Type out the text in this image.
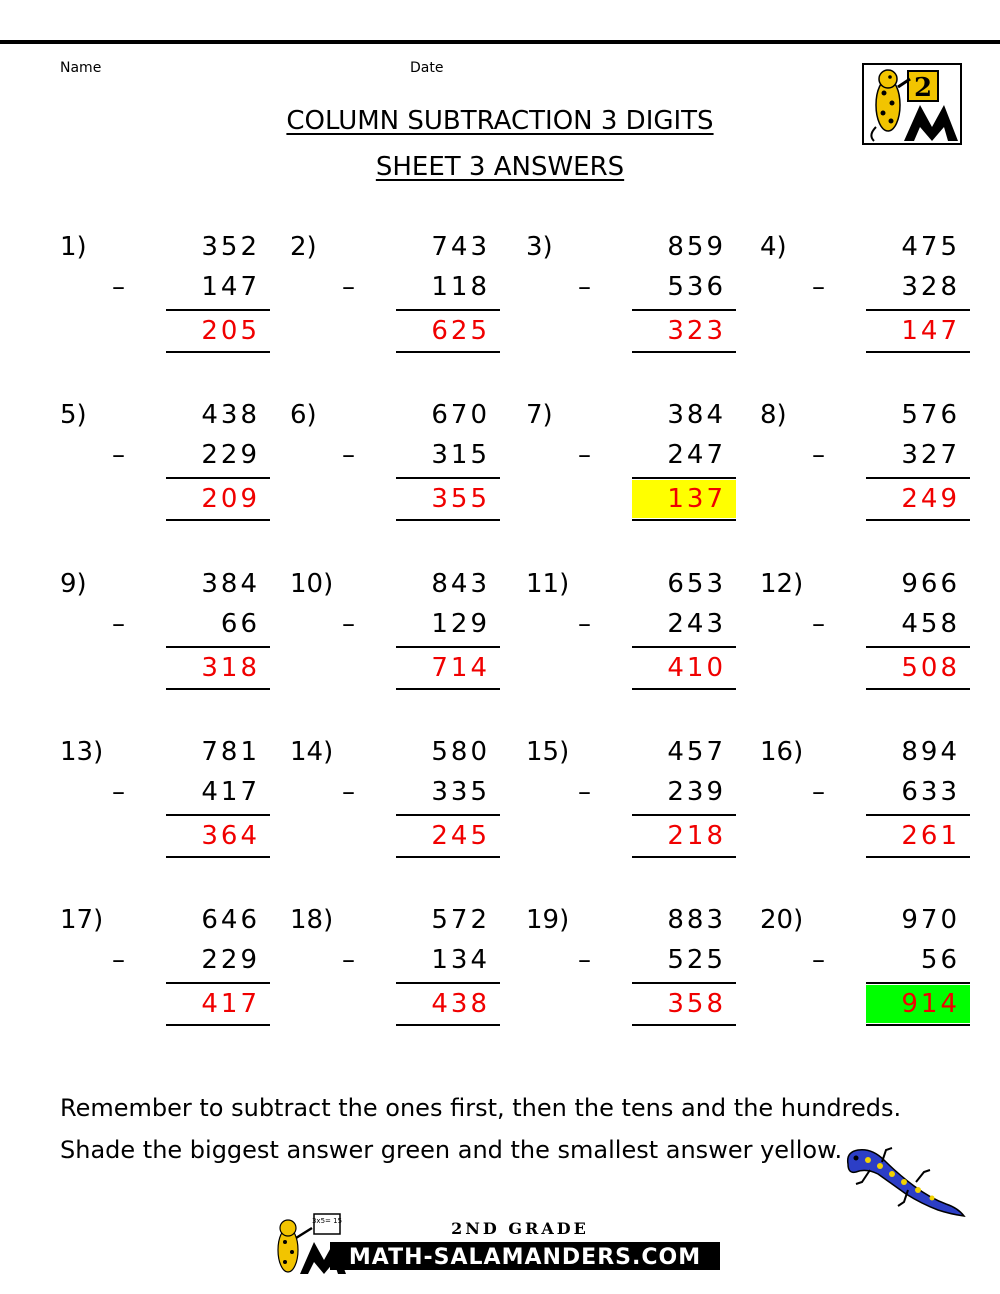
Name	Date
COLUMN SUBTRACTION 3 DIGITS
SHEET 3 ANSWERS
2
1)	352
–	147
205
2)	743
–	118
625
3)	859
–	536
323
4)	475
–	328
147
5)	438
–	229
209
6)	670
–	315
355
7)	384
–	247
137
8)	576
–	327
249
9)	384
–	66
318
10)	843
–	129
714
11)	653
–	243
410
12)	966
–	458
508
13)	781
–	417
364
14)	580
–	335
245
15)	457
–	239
218
16)	894
–	633
261
17)	646
–	229
417
18)	572
–	134
438
19)	883
–	525
358
20)	970
–	56
914
Remember to subtract the ones first, then the tens and the hundreds.
Shade the biggest answer green and the smallest answer yellow.
3x5= 15	2ND GRADE
MATH-SALAMANDERS.COM
